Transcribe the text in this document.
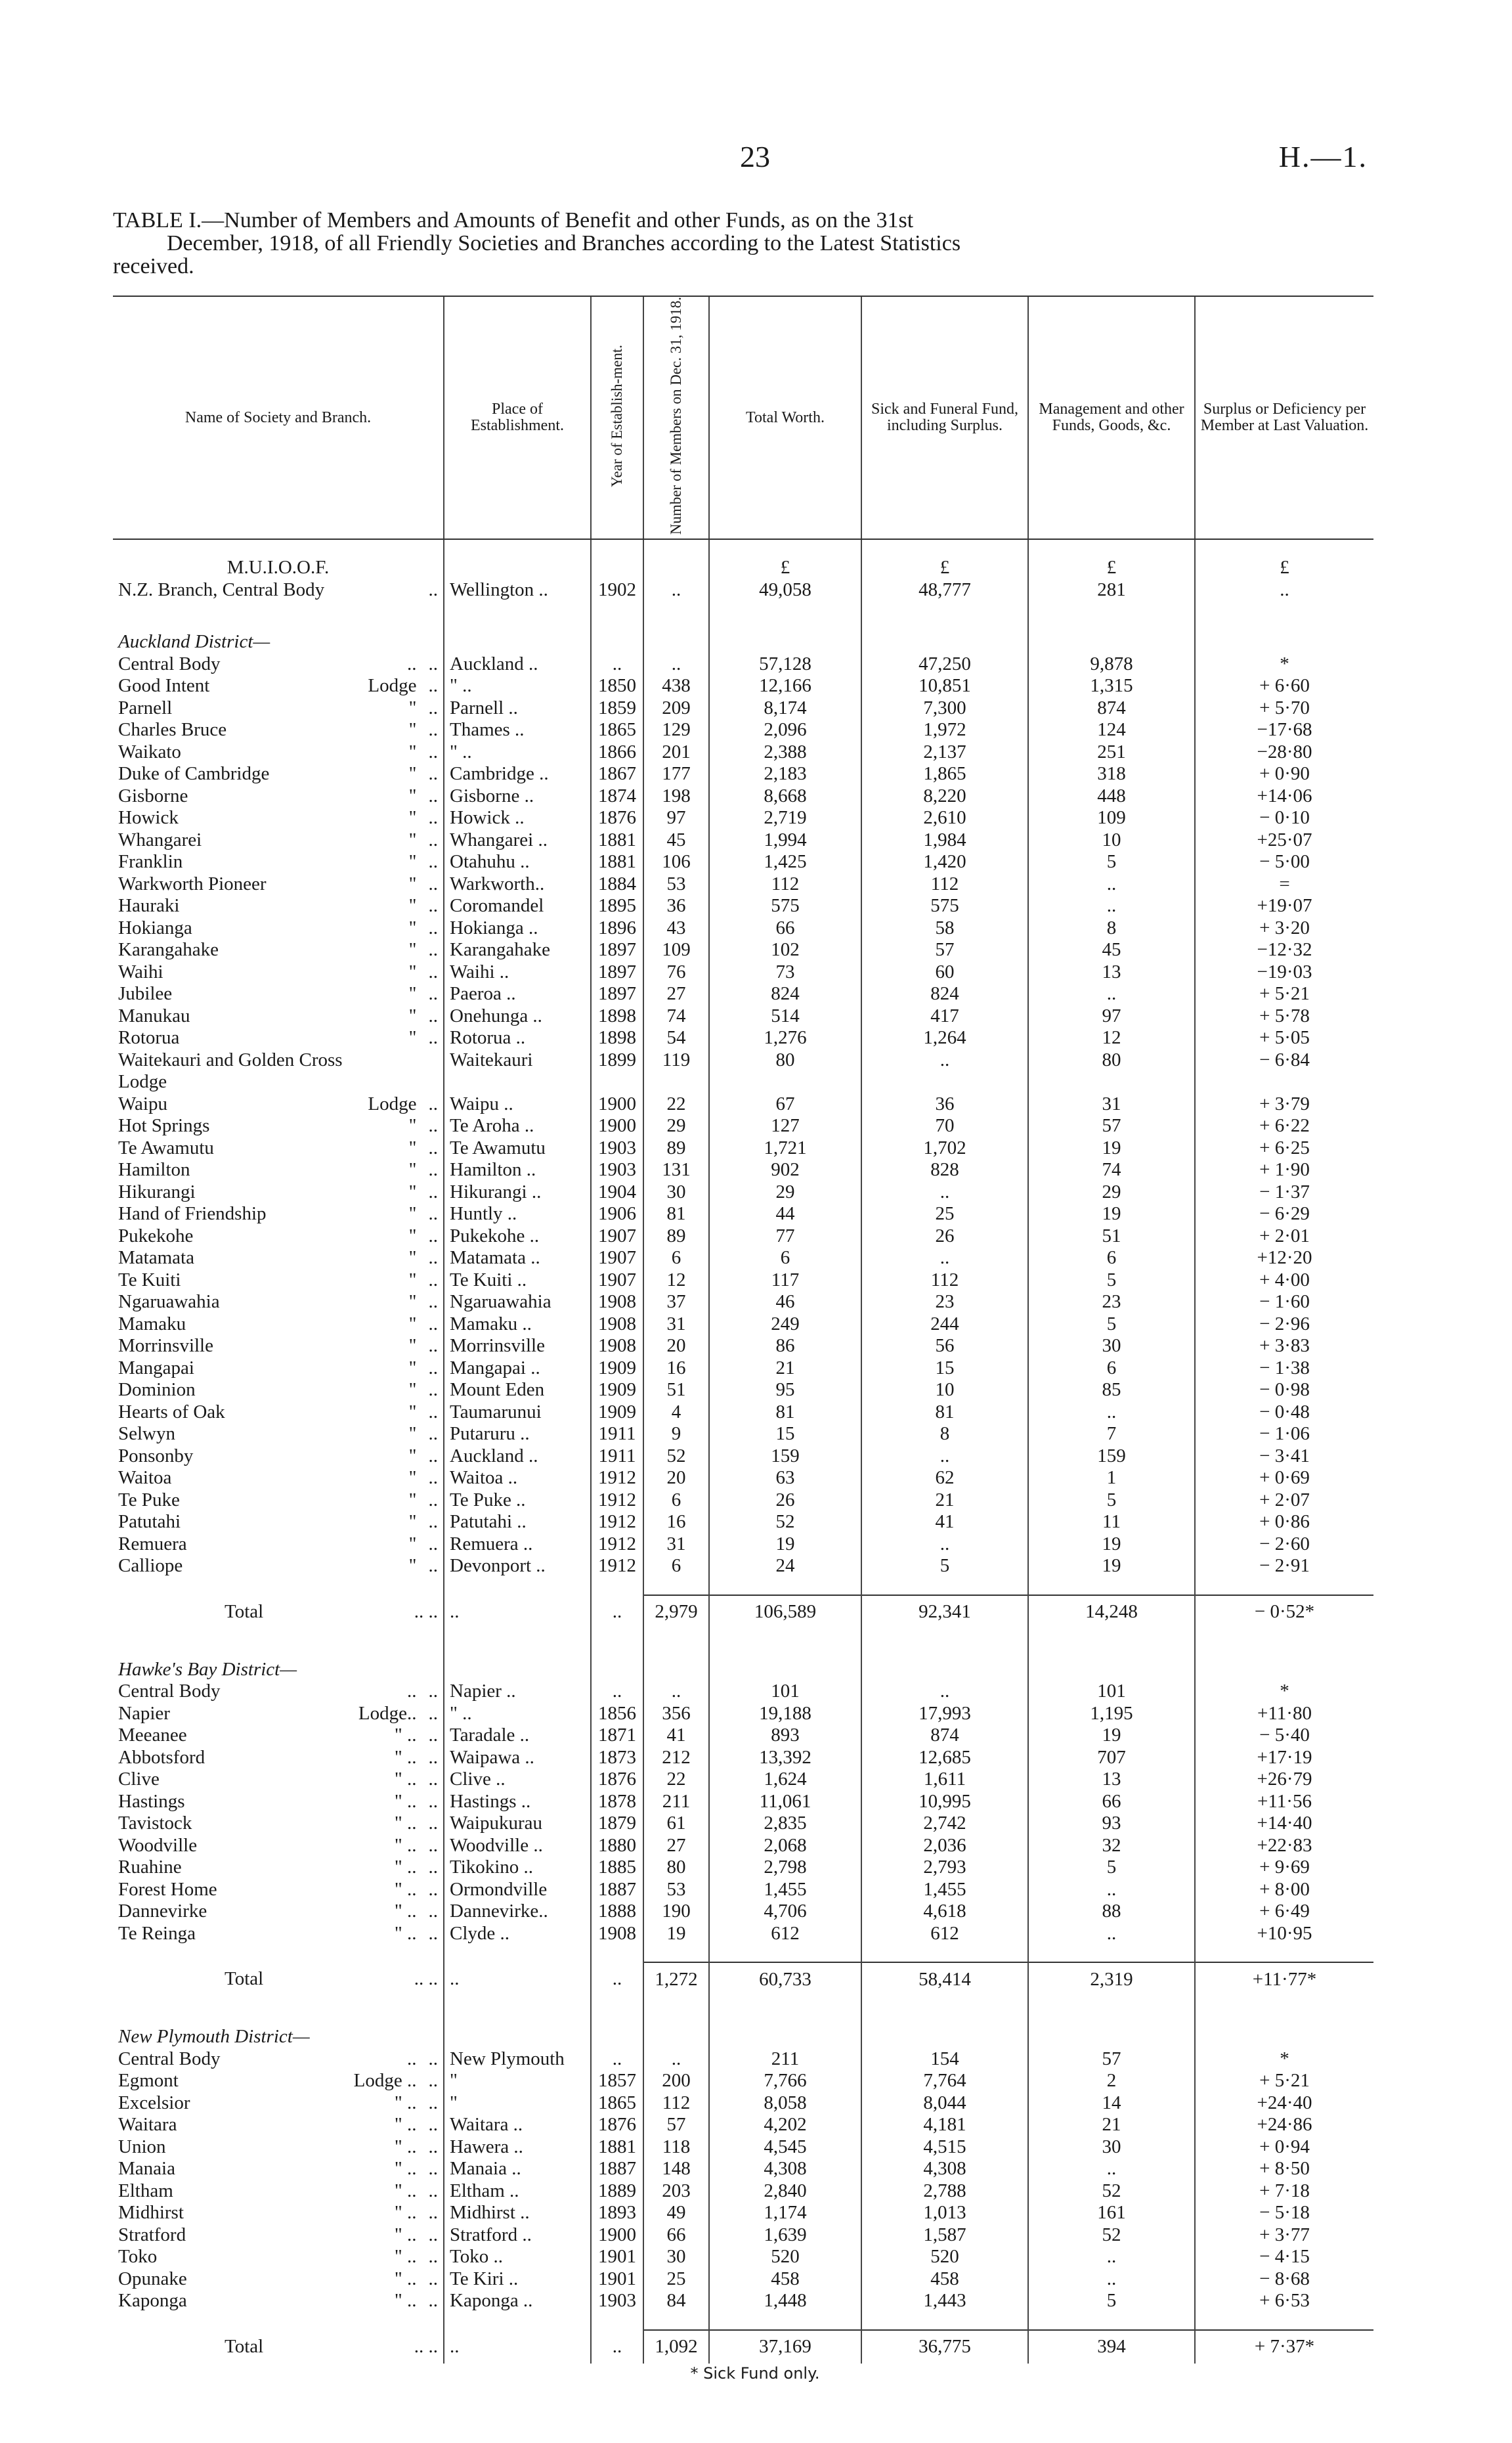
23	H.—1.
TABLE I.—Number of Members and Amounts of Benefit and other Funds, as on the 31st
December, 1918, of all Friendly Societies and Branches according to the Latest Statistics
received.
Name of Society and Branch.	Place of Establishment.	Year of Establish-ment.	Number of Members on Dec. 31, 1918.	Total Worth.	Sick and Funeral Fund, including Surplus.	Management and other Funds, Goods, &c.	Surplus or Deficiency per Member at Last Valuation.

M.U.I.O.O.F.				£	£	£	£

N.Z. Branch, Central Body ..	Wellington ..	1902	..	49,058	48,777	281	..

Auckland District—							

Central Body .. ..	Auckland ..	..	..	57,128	47,250	9,878	*

Good Intent Lodge ..	" ..	1850	438	12,166	10,851	1,315	+ 6·60

Parnell " ..	Parnell ..	1859	209	8,174	7,300	874	+ 5·70

Charles Bruce " ..	Thames ..	1865	129	2,096	1,972	124	−17·68

Waikato " ..	" ..	1866	201	2,388	2,137	251	−28·80

Duke of Cambridge " ..	Cambridge ..	1867	177	2,183	1,865	318	+ 0·90

Gisborne " ..	Gisborne ..	1874	198	8,668	8,220	448	+14·06

Howick " ..	Howick ..	1876	97	2,719	2,610	109	− 0·10

Whangarei " ..	Whangarei ..	1881	45	1,994	1,984	10	+25·07

Franklin " ..	Otahuhu ..	1881	106	1,425	1,420	5	− 5·00

Warkworth Pioneer " ..	Warkworth..	1884	53	112	112	..	=

Hauraki " ..	Coromandel	1895	36	575	575	..	+19·07

Hokianga " ..	Hokianga ..	1896	43	66	58	8	+ 3·20

Karangahake " ..	Karangahake	1897	109	102	57	45	−12·32

Waihi " ..	Waihi ..	1897	76	73	60	13	−19·03

Jubilee " ..	Paeroa ..	1897	27	824	824	..	+ 5·21

Manukau " ..	Onehunga ..	1898	74	514	417	97	+ 5·78

Rotorua " ..	Rotorua ..	1898	54	1,276	1,264	12	+ 5·05

Waitekauri and Golden Cross	Waitekauri	1899	119	80	..	80	− 6·84

Lodge							

Waipu Lodge ..	Waipu ..	1900	22	67	36	31	+ 3·79

Hot Springs " ..	Te Aroha ..	1900	29	127	70	57	+ 6·22

Te Awamutu " ..	Te Awamutu	1903	89	1,721	1,702	19	+ 6·25

Hamilton " ..	Hamilton ..	1903	131	902	828	74	+ 1·90

Hikurangi " ..	Hikurangi ..	1904	30	29	..	29	− 1·37

Hand of Friendship " ..	Huntly ..	1906	81	44	25	19	− 6·29

Pukekohe " ..	Pukekohe ..	1907	89	77	26	51	+ 2·01

Matamata " ..	Matamata ..	1907	6	6	..	6	+12·20

Te Kuiti " ..	Te Kuiti ..	1907	12	117	112	5	+ 4·00

Ngaruawahia " ..	Ngaruawahia	1908	37	46	23	23	− 1·60

Mamaku " ..	Mamaku ..	1908	31	249	244	5	− 2·96

Morrinsville " ..	Morrinsville	1908	20	86	56	30	+ 3·83

Mangapai " ..	Mangapai ..	1909	16	21	15	6	− 1·38

Dominion " ..	Mount Eden	1909	51	95	10	85	− 0·98

Hearts of Oak " ..	Taumarunui	1909	4	81	81	..	− 0·48

Selwyn " ..	Putaruru ..	1911	9	15	8	7	− 1·06

Ponsonby " ..	Auckland ..	1911	52	159	..	159	− 3·41

Waitoa " ..	Waitoa ..	1912	20	63	62	1	+ 0·69

Te Puke " ..	Te Puke ..	1912	6	26	21	5	+ 2·07

Patutahi " ..	Patutahi ..	1912	16	52	41	11	+ 0·86

Remuera " ..	Remuera ..	1912	31	19	..	19	− 2·60

Calliope " ..	Devonport ..	1912	6	24	5	19	− 2·91

Total .. ..	..	..	2,979	106,589	92,341	14,248	− 0·52*

Hawke's Bay District—							

Central Body .. ..	Napier ..	..	..	101	..	101	*

Napier Lodge.. ..	" ..	1856	356	19,188	17,993	1,195	+11·80

Meeanee " .. ..	Taradale ..	1871	41	893	874	19	− 5·40

Abbotsford " .. ..	Waipawa ..	1873	212	13,392	12,685	707	+17·19

Clive " .. ..	Clive ..	1876	22	1,624	1,611	13	+26·79

Hastings " .. ..	Hastings ..	1878	211	11,061	10,995	66	+11·56

Tavistock " .. ..	Waipukurau	1879	61	2,835	2,742	93	+14·40

Woodville " .. ..	Woodville ..	1880	27	2,068	2,036	32	+22·83

Ruahine " .. ..	Tikokino ..	1885	80	2,798	2,793	5	+ 9·69

Forest Home " .. ..	Ormondville	1887	53	1,455	1,455	..	+ 8·00

Dannevirke " .. ..	Dannevirke..	1888	190	4,706	4,618	88	+ 6·49

Te Reinga " .. ..	Clyde ..	1908	19	612	612	..	+10·95

Total .. ..	..	..	1,272	60,733	58,414	2,319	+11·77*

New Plymouth District—							

Central Body .. ..	New Plymouth	..	..	211	154	57	*

Egmont Lodge .. ..	"	1857	200	7,766	7,764	2	+ 5·21

Excelsior " .. ..	"	1865	112	8,058	8,044	14	+24·40

Waitara " .. ..	Waitara ..	1876	57	4,202	4,181	21	+24·86

Union " .. ..	Hawera ..	1881	118	4,545	4,515	30	+ 0·94

Manaia " .. ..	Manaia ..	1887	148	4,308	4,308	..	+ 8·50

Eltham " .. ..	Eltham ..	1889	203	2,840	2,788	52	+ 7·18

Midhirst " .. ..	Midhirst ..	1893	49	1,174	1,013	161	− 5·18

Stratford " .. ..	Stratford ..	1900	66	1,639	1,587	52	+ 3·77

Toko " .. ..	Toko ..	1901	30	520	520	..	− 4·15

Opunake " .. ..	Te Kiri ..	1901	25	458	458	..	− 8·68

Kaponga " .. ..	Kaponga ..	1903	84	1,448	1,443	5	+ 6·53

Total .. ..	..	..	1,092	37,169	36,775	394	+ 7·37*
* Sick Fund only.
